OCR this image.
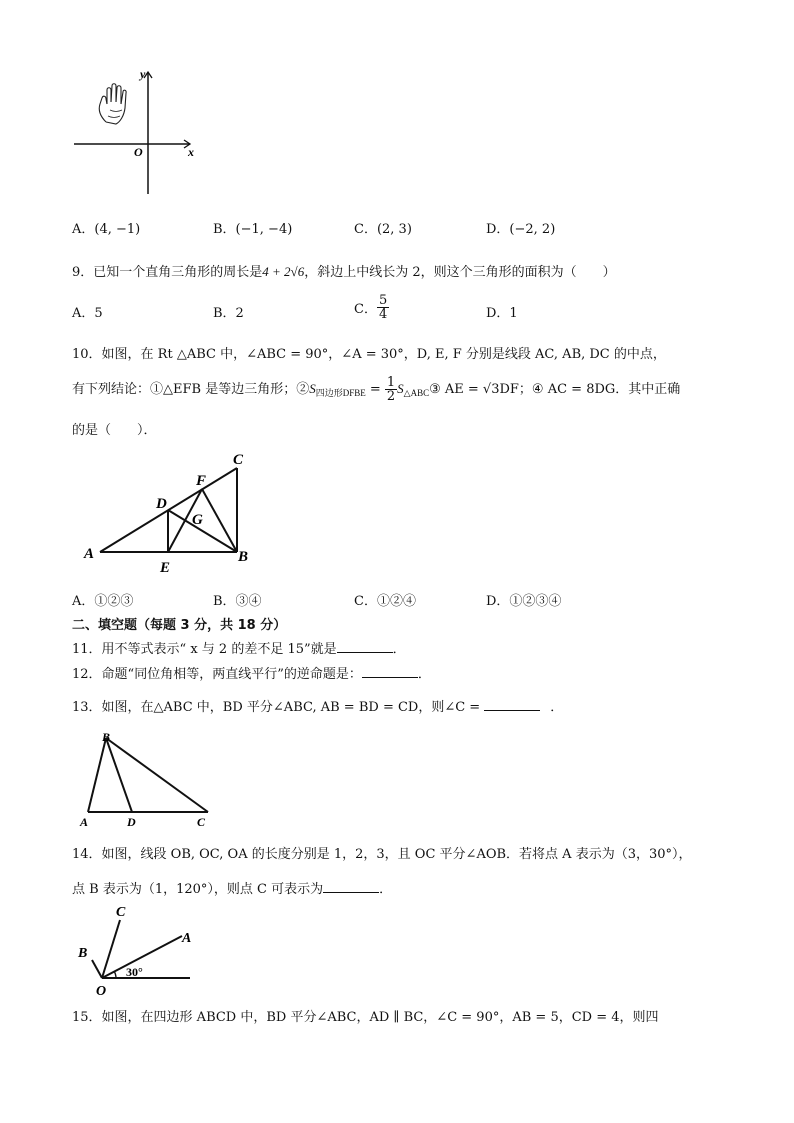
y
x
O
A．(4, −1)	B．(−1, −4)	C．(2, 3)	D．(−2, 2)
9．已知一个直角三角形的周长是4 + 2√6，斜边上中线长为 2，则这个三角形的面积为（　　）
A．5	B．2	C． $\frac{5}{4}$	D．1
10．如图，在 Rt △ABC 中，∠ABC = 90°，∠A = 30°，D, E, F 分别是线段 AC, AB, DC 的中点，
有下列结论：①△EFB 是等边三角形；$②S_{四边形DFBE} = \frac{1}{2}$ $S_{\triangle ABC}③$ AE = √3DF；④ AC = 8DG．其中正确
的是（　　）．
A	B
C
D
E
F
G
A．①②③	B．③④	C．①②④	D．①②③④
二、填空题（每题 3 分，共 18 分）
11．用不等式表示“ x 与 2 的差不足 15”就是	．
12．命题“同位角相等，两直线平行”的逆命题是：	．
13．如图，在△ABC 中，BD 平分∠ABC, AB = BD = CD，则∠C =	．
B
A	D	C
14．如图，线段 OB, OC, OA 的长度分别是 1，2，3，且 OC 平分∠AOB．若将点 A 表示为（3，30°），
点 B 表示为（1，120°），则点 C 可表示为	．
C
B
A
O
30°
15．如图，在四边形 ABCD 中，BD 平分∠ABC，AD ∥ BC，∠C = 90°，AB = 5，CD = 4，则四
